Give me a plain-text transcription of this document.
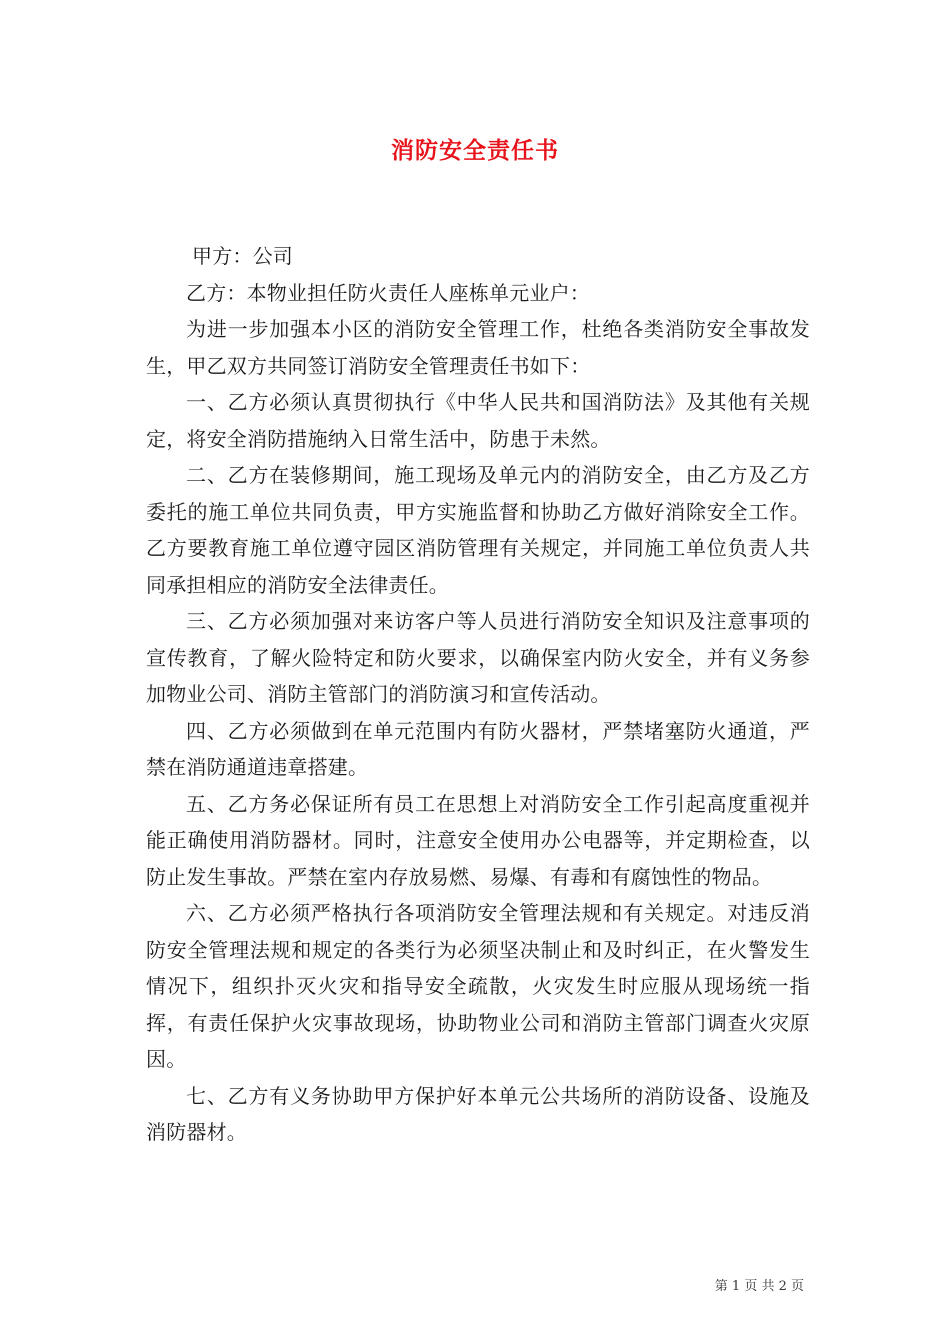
消防安全责任书

甲方：公司

乙方：本物业担任防火责任人座栋单元业户：

为进一步加强本小区的消防安全管理工作，杜绝各类消防安全事故发生，甲乙双方共同签订消防安全管理责任书如下：

一、乙方必须认真贯彻执行《中华人民共和国消防法》及其他有关规定，将安全消防措施纳入日常生活中，防患于未然。

二、乙方在装修期间，施工现场及单元内的消防安全，由乙方及乙方委托的施工单位共同负责，甲方实施监督和协助乙方做好消除安全工作。乙方要教育施工单位遵守园区消防管理有关规定，并同施工单位负责人共同承担相应的消防安全法律责任。

三、乙方必须加强对来访客户等人员进行消防安全知识及注意事项的宣传教育，了解火险特定和防火要求，以确保室内防火安全，并有义务参加物业公司、消防主管部门的消防演习和宣传活动。

四、乙方必须做到在单元范围内有防火器材，严禁堵塞防火通道，严禁在消防通道违章搭建。

五、乙方务必保证所有员工在思想上对消防安全工作引起高度重视并能正确使用消防器材。同时，注意安全使用办公电器等，并定期检查，以防止发生事故。严禁在室内存放易燃、易爆、有毒和有腐蚀性的物品。

六、乙方必须严格执行各项消防安全管理法规和有关规定。对违反消防安全管理法规和规定的各类行为必须坚决制止和及时纠正，在火警发生情况下，组织扑灭火灾和指导安全疏散，火灾发生时应服从现场统一指挥，有责任保护火灾事故现场，协助物业公司和消防主管部门调查火灾原因。

七、乙方有义务协助甲方保护好本单元公共场所的消防设备、设施及消防器材。

第 1 页 共 2 页
